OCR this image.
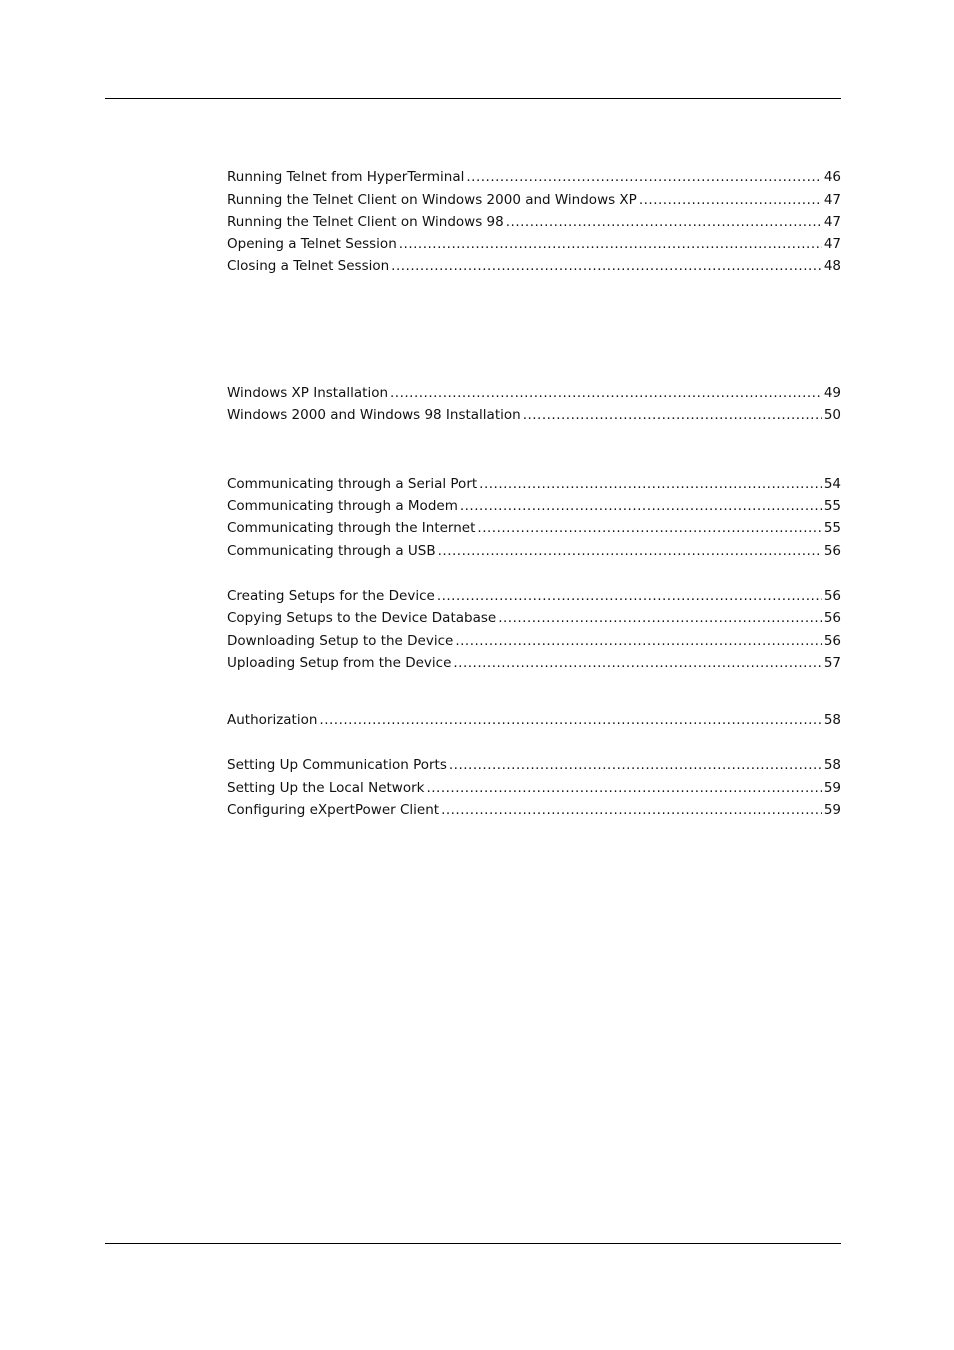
Running Telnet from HyperTerminal .....	46
Running the Telnet Client on Windows 2000 and Windows XP .....	47
Running the Telnet Client on Windows 98 .....	47
Opening a Telnet Session .....	47
Closing a Telnet Session .....	48
Windows XP Installation .....	49
Windows 2000 and Windows 98 Installation .....	50
Communicating through a Serial Port .....	54
Communicating through a Modem .....	55
Communicating through the Internet .....	55
Communicating through a USB .....	56
Creating Setups for the Device .....	56
Copying Setups to the Device Database .....	56
Downloading Setup to the Device .....	56
Uploading Setup from the Device .....	57
Authorization .....	58
Setting Up Communication Ports .....	58
Setting Up the Local Network .....	59
Configuring eXpertPower Client .....	59
